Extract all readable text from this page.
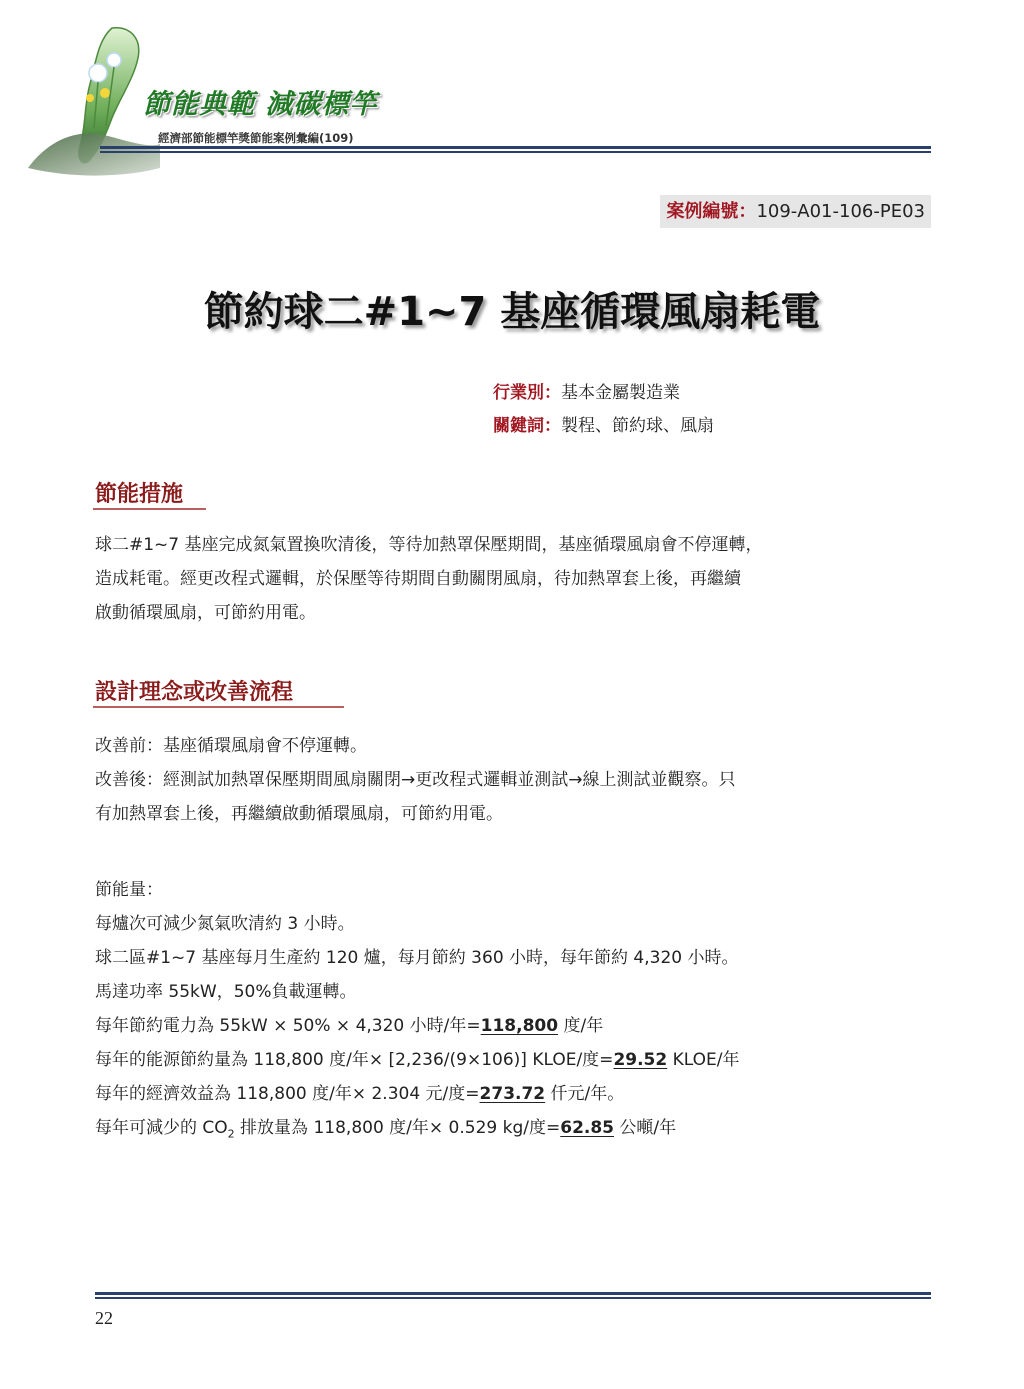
節能典範 減碳標竿
經濟部節能標竿獎節能案例彙編(109)
案例編號：109-A01-106-PE03
節約球二#1~7 基座循環風扇耗電
行業別：基本金屬製造業
關鍵詞：製程、節約球、風扇
節能措施
球二#1~7 基座完成氮氣置換吹清後，等待加熱罩保壓期間，基座循環風扇會不停運轉，
造成耗電。經更改程式邏輯，於保壓等待期間自動關閉風扇，待加熱罩套上後，再繼續
啟動循環風扇，可節約用電。
設計理念或改善流程
改善前：基座循環風扇會不停運轉。
改善後：經測試加熱罩保壓期間風扇關閉→更改程式邏輯並測試→線上測試並觀察。只
有加熱罩套上後，再繼續啟動循環風扇，可節約用電。
節能量：
每爐次可減少氮氣吹清約 3 小時。
球二區#1~7 基座每月生產約 120 爐，每月節約 360 小時，每年節約 4,320 小時。
馬達功率 55kW，50%負載運轉。
每年節約電力為 55kW × 50% × 4,320 小時/年=118,800 度/年
每年的能源節約量為 118,800 度/年× [2,236/(9×106)] KLOE/度=29.52 KLOE/年
每年的經濟效益為 118,800 度/年× 2.304 元/度=273.72 仟元/年。
每年可減少的 $CO_2$ 排放量為 118,800 度/年× 0.529 kg/度=62.85 公噸/年
22
